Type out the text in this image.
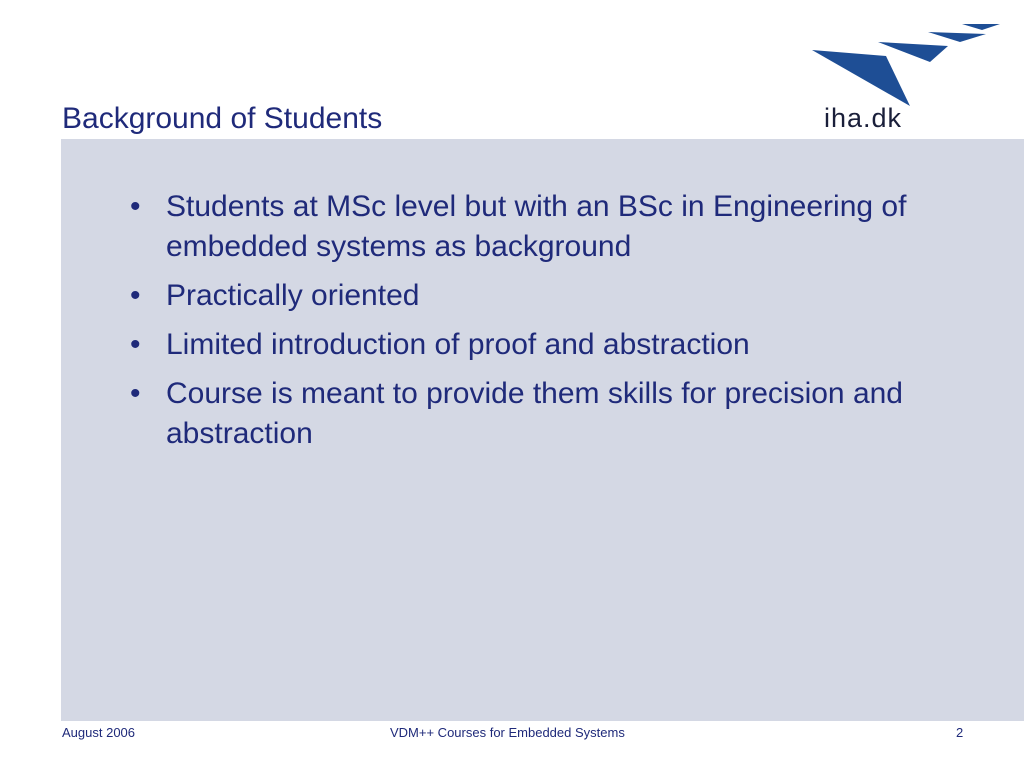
Background of Students	iha.dk
• Students at MSc level but with an BSc in Engineering of embedded systems as background
• Practically oriented
• Limited introduction of proof and abstraction
• Course is meant to provide them skills for precision and abstraction
August 2006	VDM++ Courses for Embedded Systems	2
